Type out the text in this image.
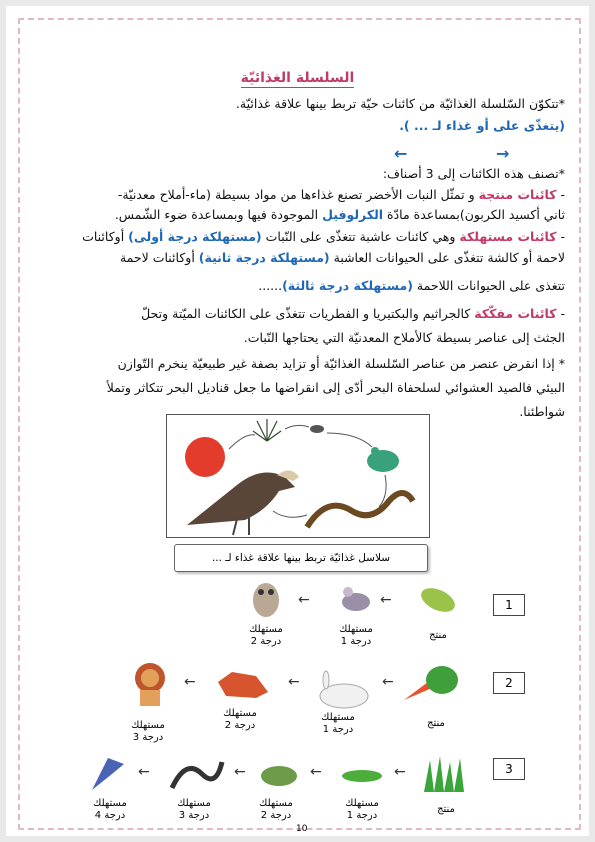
السلسلة الغذائيّة
*تتكوّن السّلسلة الغذائيّة من كائنات حيّة تربط بينها علاقة غذائيّة.
(يتغذّى على أو غذاء لـ ... ).
←	→
*تصنف هذه الكائنات إلى 3 أصناف:
- كائنات منتجة و تمثّل النبات الأخضر تصنع غذاءها من مواد بسيطة (ماء-أملاح معدنيّة-
ثاني أكسيد الكربون)بمساعدة مادّة الكرلوفيل الموجودة فيها وبمساعدة ضوء الشّمس.
- كائنات مستهلكة وهي كائنات عاشبة تتغذّى على النّبات (مستهلكة درجة أولى) أوكائنات
لاحمة أو كالشة تتغذّى على الحيوانات العاشبة (مستهلكة درجة ثانية) أوكائنات لاحمة
تتغذى على الحيوانات اللاحمة (مستهلكة درجة ثالثة)......
- كائنات مفكّكة كالجراثيم والبكتيريا و الفطريات تتغذّى على الكائنات الميّتة وتحلّ
الجثث إلى عناصر بسيطة كالأملاح المعدنيّة التي يحتاجها النّبات.
* إذا انقرض عنصر من عناصر السّلسلة الغذائيّة أو تزايد بصفة غير طبيعيّة ينخرم التّوازن
البيئي فالصيد العشوائي لسلحفاة البحر أدّى إلى انقراضها ما جعل قناديل البحر تتكاثر وتملأ
شواطئنا.
سلاسل غذائيّة تربط بينها علاقة غذاء لـ ...
1
2
3
←
←
منتج
مستهلك
درجة 1
مستهلك
درجة 2
←
←
←
منتج
مستهلك
درجة 1
مستهلك
درجة 2
مستهلك
درجة 3
←
←
←
←
منتج
مستهلك
درجة 1
مستهلك
درجة 2
مستهلك
درجة 3
مستهلك
درجة 4
10
